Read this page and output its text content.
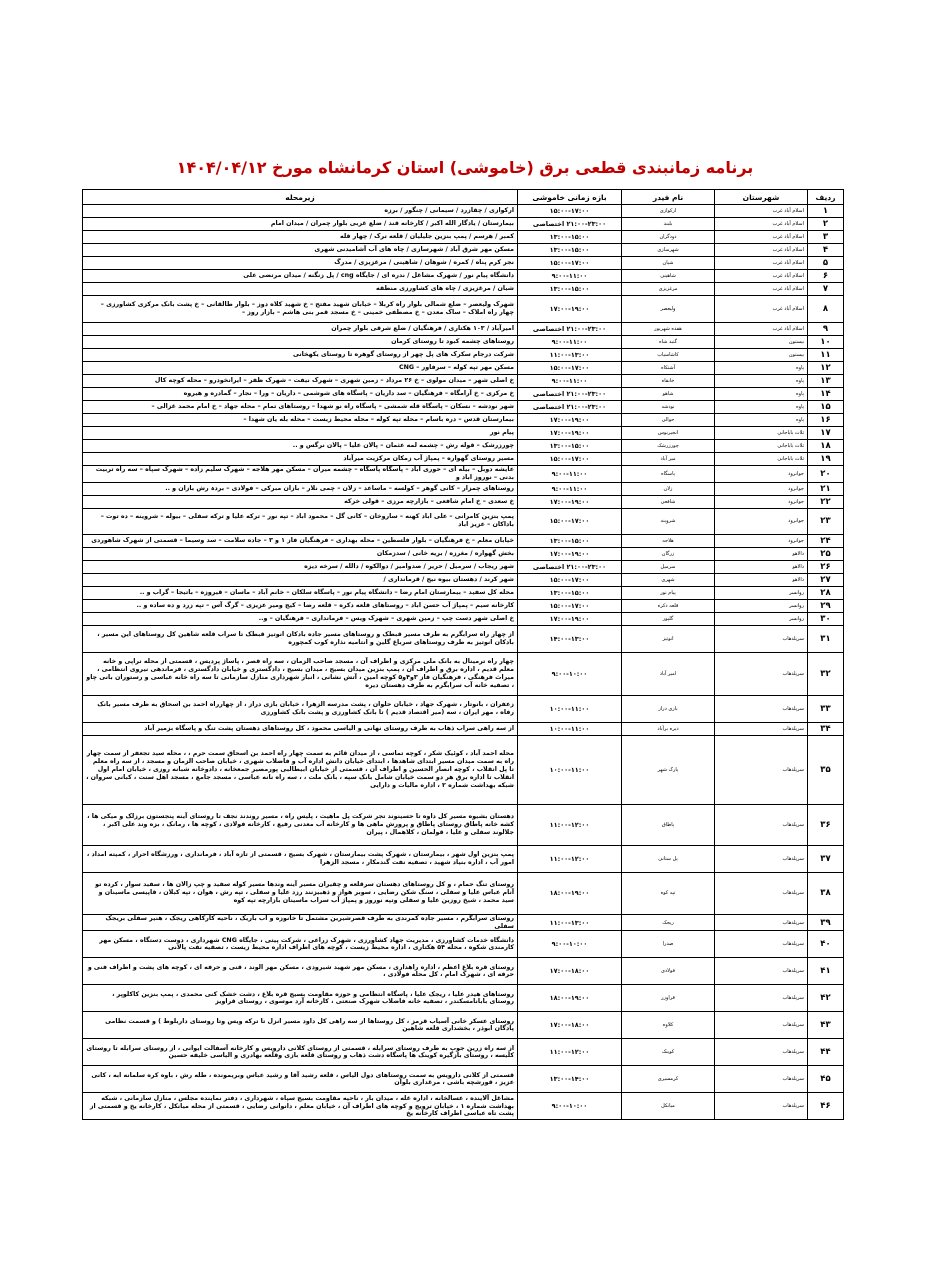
برنامه زمانبندی قطعی برق (خاموشی) استان کرمانشاه مورخ ۱۴۰۴/۰۴/۱۲
ردیف	شهرستان	نام فیدر	بازه زمانی خاموشی	زیرمحله
۱	اسلام آباد غرب	ارکوازی	۱۵:۰۰-۱۷:۰۰	ارکوازی / چقازرد / سیمانی / چنگور / برزه
۲	اسلام آباد غرب	بلبند	۲۱:۰۰-۲۳:۰۰ اختصاصی	بیمارستان / یادگار الله اکبر / کارخانه قند / ضلع غربی بلوار چمران / میدان امام
۳	اسلام آباد غرب	دودگران	۱۳:۰۰-۱۵:۰۰	کمبر / هرسم / پمپ بنزین جلیلیان / قلعه ترک / چهار قله
۴	اسلام آباد غرب	شهرسازی	۱۳:۰۰-۱۵:۰۰	مسکن مهر شرق آباد / شهرسازی / چاه های آب آشامیدنی شهری
۵	اسلام آباد غرب	شیان	۱۵:۰۰-۱۷:۰۰	نجر کرم پناه / کمره / شوهان / شاهینی / مرغزیزی / مدرگ
۶	اسلام آباد غرب	شاهینی	۹:۰۰-۱۱:۰۰	دانشگاه پیام نور / شهرک مشاغل / ندره ای / جایگاه cng / پل زنگنه / میدان مرتضی علی
۷	اسلام آباد غرب	مرغزیزی	۱۳:۰۰-۱۵:۰۰	شیان / مرغزیزی / چاه های کشاورزی منطقه
۸	اسلام آباد غرب	ولیعصر	۱۷:۰۰-۱۹:۰۰	شهرک ولیعصر – ضلع شمالی بلوار راه کربلا – خیابان شهید مفتح – خ شهید کلاه دوز – بلوار طالقانی – خ پشت بانک مرکزی کشاورزی – چهار راه املاک – ساک معدن – خ مصطفی خمینی – خ مسجد قمر بنی هاشم – بازار روز –
۹	اسلام آباد غرب	هفده شهریور	۲۱:۰۰-۲۳:۰۰ اختصاصی	امیرآباد / ۱۰۳ هکتاری / فرهنگیان / ضلع شرقی بلوار چمران
۱۰	بیستون	گنبد شاه	۹:۰۰-۱۱:۰۰	روستاهای چشمه کبود تا روستای کرمان
۱۱	بیستون	کاشاسیاب	۱۱:۰۰-۱۳:۰۰	شرکت درجام سکرک های پل چهر از روستای گوهره تا روستای یکهخانی
۱۲	پاوه	آشتکاه	۱۵:۰۰-۱۷:۰۰	مسکن مهر تپه کوله – سرفاور – CNG
۱۳	پاوه	خانقاه	۹:۰۰-۱۱:۰۰	خ اصلی شهر – میدان مولوی – خ ۲۶ مرداد – زمین شهری – شهرک نیفت – شهرک ظفر – ایرانخودرو – محله کوچه کال
۱۴	پاوه	شاهو	۲۱:۰۰-۲۳:۰۰ اختصاصی	خ مرکزی – خ آرامگاه – فرهنگیان – سد داریان – پاسگاه های شوشمی – داریان – ورا – نجار – گمادره و هیروه
۱۵	پاوه	نودشه	۲۱:۰۰-۲۳:۰۰ اختصاصی	شهر نودشه – نسکان – پاسگاه قله شمشی – پاسگاه راه نو شهدا – روستاهای تمام – محله جهاد – خ امام محمد غزالی –
۱۶	پاوه	حوالی	۱۷:۰۰-۱۹:۰۰	بیمارستان قدس – دره باسام – محله تپه کوله – محله محیط زیست – محله بله یان شهدا –
۱۷	ثلاث باباجانی	انجیرنوس	۱۷:۰۰-۱۹:۰۰	پیام نور
۱۸	ثلاث باباجانی	چورزرشک	۱۳:۰۰-۱۵:۰۰	چورزرشک – قوله رش – چشمه لمه عثمان – پالان علیا – پالان نرگس و ..
۱۹	ثلاث باباجانی	میر آباد	۱۵:۰۰-۱۷:۰۰	مسیر روستای گهواره – پمپاژ آب زمکان مرکزیت میرآباد
۲۰	جوانرود	پاسگاه	۹:۰۰-۱۱:۰۰	عایشه دوبل – بیله ای – حوری اباد – پاسگاه پاسگاه – چشمه میران – مسکن مهر هلاجه – شهرک سلیم زاده – شهرک سپاه – سه راه تربیت بدنی – نوروز اباد و
۲۱	جوانرود	زلان	۹:۰۰-۱۱:۰۰	روستاهای چمزار – کانی گوهر – کولسه – ماساعد – زلان – چمی نلار – بازان مبرکی – فولادی – بردہ رش بازان و ..
۲۲	جوانرود	شافعی	۱۷:۰۰-۱۹:۰۰	خ سعدی – خ امام شافعی – بازارچه مرزی – قولی خرکه
۲۳	جوانرود	شروینه	۱۵:۰۰-۱۷:۰۰	پمپ بنزین کامرانی – علی اباد کهنه – ساروخان – کانی گل – محمود اباد – تپه نور – ترکه علیا و ترکه سفلی – بیوله – شروینه – ده توت – باداکان – عزیز اباد
۲۴	جوانرود	هلاجه	۱۳:۰۰-۱۵:۰۰	خیابان معلم – خ فرهنگیان – بلوار فلسطین – محله بهداری – فرهنگیان فاز ۱ و ۳ – جاده سلامت – سد وسیما – قسمتی از شهرک شاهوردی
۲۵	دالاهو	زرگان	۱۷:۰۰-۱۹:۰۰	بخش گهواره / مغرزه / بریه خانی / سدزمکان
۲۶	دالاهو	سرمیل	۲۱:۰۰-۲۳:۰۰ اختصاصی	شهر ریجاب / سرمیل / حریر / صدوامیر / دوالکوه / دالله / سرخه دیزه
۲۷	دالاهو	شهری	۱۵:۰۰-۱۷:۰۰	شهر کرند / دهستان بیوه نیج / قرمانداری /
۲۸	روانسر	پیام نور	۱۳:۰۰-۱۵:۰۰	محله کل سفید – بیمارستان امام رضا – دانشگاه پیام نور – پاسگاه سلکان – خانم آباد – ماسان – قیروزه – باتیجا – گراب و ..
۲۹	روانسر	قلعه دکره	۱۵:۰۰-۱۷:۰۰	کارخانه سیم – پمپاژ آب حسن اباد – روستاهای قلعه دکره – قلعه رضا – کیج ومیر عزیزی – گرگ آس – تپه زرد و ده ساده و ..
۳۰	روانسر	گلپور	۱۷:۰۰-۱۹:۰۰	خ اصلی شهر دست چپ – زمین شهری – شهرک ویس – فرمانداری – فرهنگیان – و..
۳۱	سرپلذهاب	انوتیز	۱۴:۰۰-۱۳:۰۰	از چهار راه سرابگرم به طرف مسیر قبطک و روستاهای مسیر جاده بادکان انوتیز قبطک تا سراب قلعه شاهین کل روستاهای این مسیر ، بادکان انوتیز به طرف روستاهای سرباغ گلین و انتامیه نذاره کوب کمچوره
۳۲	سرپلذهاب	امیر آباد	۹:۰۰-۱۰:۰۰	چهار راه ترمینال به بانک ملی مرکزی و اطراف آن ، مسجد صاحب الزمان ، سه راه قصر ، پاساژ پردیس ، قسمتی از محله تراپی و خانه معلم قدیم ، اداره برق و اطراف آن ، پمپ بنزین میدان بسیج ، میدان بسیج ، دادگستری و خیابان دادگستری ، فرماندهی نیروی انتظامی ، میراث فرهنگی ، فرهنگیان فاز ۳و۴و۵ کوچه امین ، آتش نشانی ، انبار شهرداری منازل سازمانی تا سه راه خانه عباسی و رستوران بانی چاو ، تصفیه خانه آب سرابگرم به طرف دهستان دیره
۳۳	سرپلذهاب	بازی دراز	۱۰:۰۰-۱۱:۰۰	زعفران ، بانوتار ، شهرک جهاد ، خیابان حلوان ، پشت مدرسه الزهرا ، خیابان بازی دراز ، از چهارراه احمد بن اسحاق به طرف مسیر بانک رفاه ، مهر ایران ، سه (میر اقتصاد قدیم ) تا بانک کشاورزی و پشت بانک کشاورزی
۳۴	سرپلذهاب	دیره برآباد	۱۰:۰۰-۱۱:۰۰	از سه راهی سراب ذهاب به طرف روستای نهانی و الیاسی محمود ، کل روستاهای دهستان پشت تنگ و پاسگاه بزمیر آباد
۳۵	سرپلذهاب	پارک شهر	۱۰:۰۰-۱۱:۰۰	محله احمد آباد ، کوئیک شکر ، کوچه تماسی ، از میدان قائم به سمت چهار راه احمد بن اسحاق سمت حرم ، ، محله سید تجعفر از سمت چهار راه به سمت میدان مسیر ابتدای شاهدها ، ابتدای خیابان دانش اداره آب و فاضلاب شهری ، خیابان صاحب الزمان و مسجد ، از سه راه معلم تا پل انقلاب ، کوچه انصار الحسین و اطراف آن ، قسمتی از خیابان ابیطالبی پورمصیر جمعخانه ، دادوخانه شبانه روزی ، خیابان امام اول انقلاب تا اداره برق هر دو سمت خیابان شامل بانک سپه ، بانک ملت ، ، سه راه نانه عباسی ، مسجد جامع ، مسجد اهل سنت ، کبانی سروان ، شبکه بهداشت شماره ۲ ، اداره مالیات و دارایی
۳۶	سرپلذهاب	پاطاق	۱۱:۰۰-۱۲:۰۰	دهستان بشیوه مسیر کل داوه تا حسینوند تجر شرکت پل ماهیت ، پلیس راه ، مسیر روندند نجف تا روستای آینه پنجستون برزلک و میکی ها ، کشه خانه پاطاق روستای پاطاق و پرورش ماهی ها و کارخانه آب معدنی رفیع ، کارخانه فولادی ، کوچه ها ، رمانک ، بزه وند علی اکبر ، جلالوند سفلی و علیا ، قولمان ، کلاهمال ، پیران
۳۷	سرپلذهاب	پل ستانی	۱۱:۰۰-۱۲:۰۰	پمپ بنزین اول شهر ، بیمارستان ، شهرک پشت بیمارستان ، شهرک بسیج ، قسمتی از تازه آباد ، فرمانداری ، ورزشگاه احرار ، کمیته امداد ، امور آب ، اداره بنیاد شهید ، تصفیه نفت گندمکار ، مسجد الزهرا
۳۸	سرپلذهاب	تپه کوه	۱۸:۰۰-۱۹:۰۰	روستای تنگ حمام ، و کل روستاهای دهستان سرقلعه و چقیران مسیر آینه وندها مسیر کوله سفید و چپ زالان ها ، سفید سوار ، کرده تو آنام عباس علیا و سفلی ، سنگ شکن رضایی ، سوبر هواز و ذهبیزنند رزد علیا و سفلی ، تپه رش ، هوان ، تپه کبلان ، قاپیسی ماسینان و سید محمد ، شیخ روزین علیا و سفلی وتپه نوروز و پمپاژ آب سراب ماسینان بازارچه تپه کوه
۳۹	سرپلذهاب	ریجک	۱۱:۰۰-۱۳:۰۰	روستای سرابگرم ، مسیر جاده کمرندی به طرف قصرشیرین مشتمل تا خانوزه و آب باریک ، ناحیه کارکاهی ریجک ، هنیر سفلی بریجک سفلی
۴۰	سرپلذهاب	صدرا	۹:۰۰-۱۰:۰۰	دانشگاه خدمات کشاورزی ، مدیریت جهاد کشاورزی ، شهرک زراعی ، شرکت پیتی ، جایگاه CNG شهرداری ، دوست دستگاه ، مسکن مهر کارمندی شکوه ، محله ۵۴ هکتاری ، اداره محیط زیست ، کوچه های اطراف اداره محیط زیست ، تصفیه نفت پالانی
۴۱	سرپلذهاب	فولادی	۱۷:۰۰-۱۸:۰۰	روستای قره بلاغ اعظم ، اداره راهداری ، مسکن مهر شهید شیرودی ، مسکن مهر الوند ، قنی و حرفه ای ، کوچه های پشت و اطراف فنی و حرفه ای ، شهرک امام ، کل محله فولادی ،
۴۲	سرپلذهاب	قراوزر	۱۸:۰۰-۱۹:۰۰	روستاهای هیدر علیا ، ریجک علیا ، پاسگاه انتظامی و حوزه مقاومت بسیج قره بلاغ ، دشت خشک کنی محمدی ، پمپ بنزین کاکلوپر ، روستای بابانامسکندر ، تصفیه خانه فاضلاب شهرک صنعتی ، کارخانه آرد موسوی ، روستای قراویز
۴۳	سرپلذهاب	کلاوه	۱۷:۰۰-۱۸:۰۰	روستای عسکر خانی آسیاب قرمز ، کل روستاها از سه راهی کل داود مسیر انزل تا ترکه ویس وتا روستای داربلوط ) و قسمت نظامی پادگان ابوذر ، بخشداری قلعه شاهین
۴۴	سرپلذهاب	کوینک	۱۱:۰۰-۱۲:۰۰	از سه راه زرین جوب به طرف روستای سرابله ، قسمتی از روستای کلانی دارویس و کارخانه آسفالت ایوانی ، از روستای سرابله تا روستای کلیسه ، روستای بازگیره کوینک ها پاسگاه دشت ذهاب و روستای قلعه بازی وقلعه بهادری و الیاسی خلیفه حسین
۴۵	سرپلذهاب	کرمسیری	۱۳:۰۰-۱۴:۰۰	قسمتی از کلانی دارویس به سمت روستاهای دول الیاس ، قلعه رشید آقا و رشید عباس وبریمونده ، طله رش ، باوه کره سلمانه ابه ، کانی عزیز ، قورشچه باشی ، مرغداری بلوان
۴۶	سرپلذهاب	میانکل	۹:۰۰-۱۰:۰۰	مشاغل آلاینده ، عسالخانه ، اداره غله ، میدان بار ، ناحیه مقاومت بسیج سپاه ، شهرداری ، دفتر نماینده مجلس ، منازل سازمانی ، شبکه بهداشت شماره ۱ ، خیابان ترویج و کوچه های اطراف آن ، خیابان معلم ، دانوانی رضایی ، قسمتی از محله میانکل ، کارخانه یخ و قسمتی از پشت تاه عباسی اطراف کارخانه یخ
